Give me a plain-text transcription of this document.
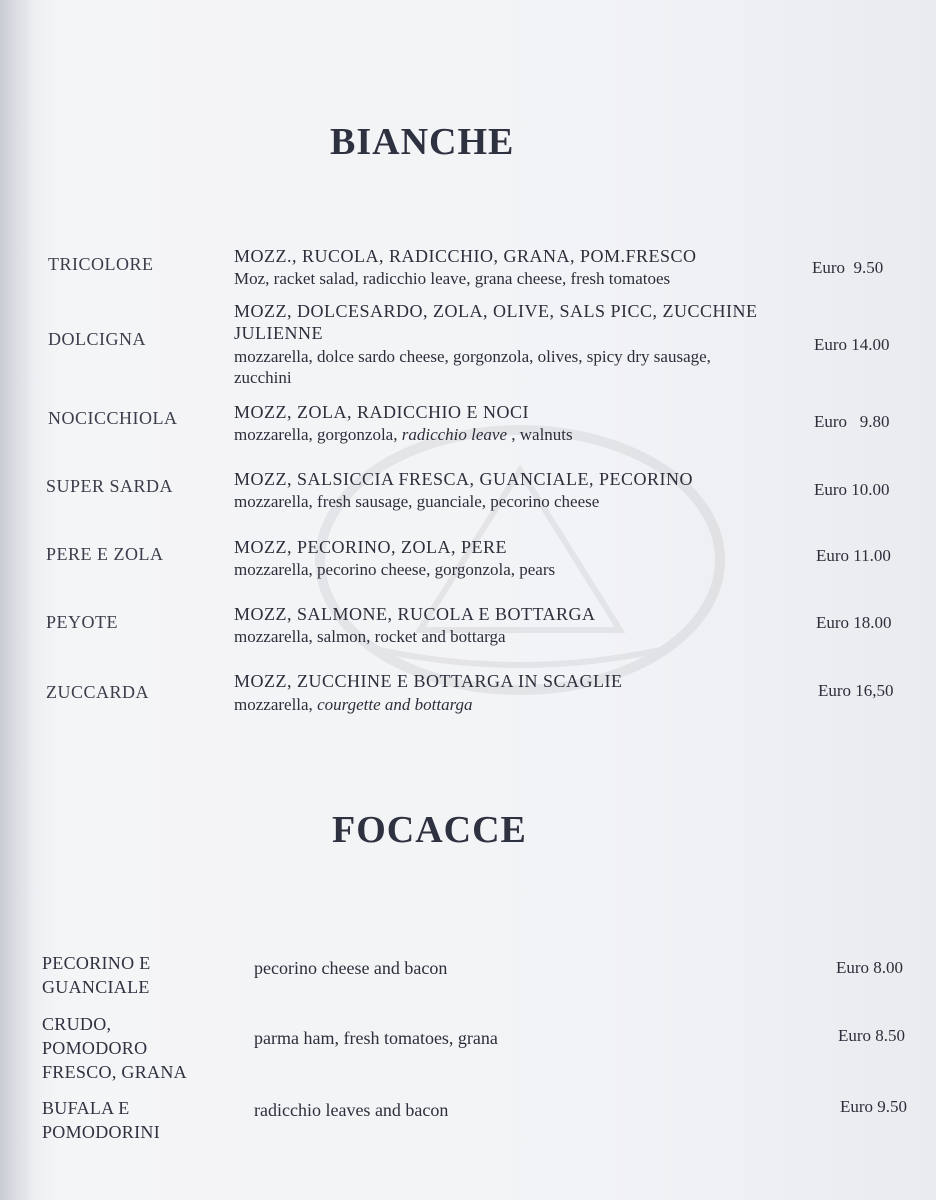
BIANCHE
TRICOLORE	MOZZ., RUCOLA, RADICCHIO, GRANA, POM.FRESCO
Moz, racket salad, radicchio leave, grana cheese, fresh tomatoes
Euro  9.50
DOLCIGNA
MOZZ, DOLCESARDO, ZOLA, OLIVE, SALS PICC, ZUCCHINE
JULIENNE
mozzarella, dolce sardo cheese, gorgonzola, olives, spicy dry sausage,
zucchini
Euro 14.00
NOCICCHIOLA	MOZZ, ZOLA, RADICCHIO E NOCI
mozzarella, gorgonzola, radicchio leave , walnuts
Euro   9.80
SUPER SARDA	MOZZ, SALSICCIA FRESCA, GUANCIALE, PECORINO
mozzarella, fresh sausage, guanciale, pecorino cheese
Euro 10.00
PERE E ZOLA	MOZZ, PECORINO, ZOLA, PERE
mozzarella, pecorino cheese, gorgonzola, pears
Euro 11.00
PEYOTE	MOZZ, SALMONE, RUCOLA E BOTTARGA
mozzarella, salmon, rocket and bottarga
Euro 18.00
ZUCCARDA
MOZZ, ZUCCHINE E BOTTARGA IN SCAGLIE
mozzarella, courgette and bottarga
Euro 16,50
FOCACCE
PECORINO E
GUANCIALE
pecorino cheese and bacon	Euro 8.00
CRUDO,
POMODORO
FRESCO, GRANA
parma ham, fresh tomatoes, grana	Euro 8.50
BUFALA E
POMODORINI
radicchio leaves and bacon	Euro 9.50
